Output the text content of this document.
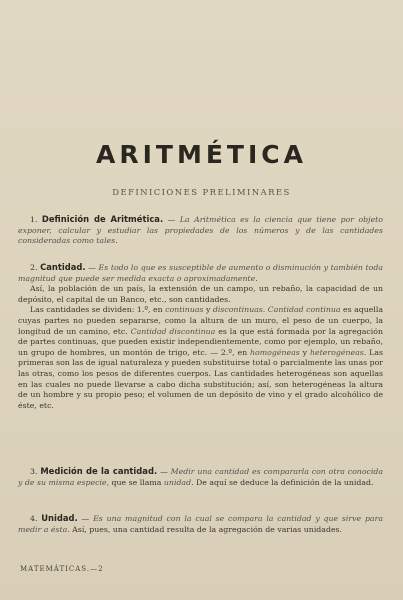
ARITMÉTICA

DEFINICIONES PRELIMINARES

1. Definición de Aritmética. — La Aritmética es la ciencia que tiene por objeto exponer, calcular y estudiar las propiedades de los números y de las cantidades consideradas como tales.

2. Cantidad. — Es todo lo que es susceptible de aumento o disminución y también toda magnitud que puede ser medida exacta o aproximadamente.

Así, la población de un país, la extensión de un campo, un rebaño, la capacidad de un depósito, el capital de un Banco, etc., son cantidades.

Las cantidades se dividen: 1.º, en continuas y discontinuas. Cantidad continua es aquella cuyas partes no pueden separarse, como la altura de un muro, el peso de un cuerpo, la longitud de un camino, etc. Cantidad discontinua es la que está formada por la agregación de partes continuas, que pueden existir independientemente, como por ejemplo, un rebaño, un grupo de hombres, un montón de trigo, etc. — 2.º, en homogéneas y heterogéneas. Las primeras son las de igual naturaleza y pueden substituirse total o parcialmente las unas por las otras, como los pesos de diferentes cuerpos. Las cantidades heterogéneas son aquellas en las cuales no puede llevarse a cabo dicha substitución; así, son heterogéneas la altura de un hombre y su propio peso; el volumen de un depósito de vino y el grado alcohólico de éste, etc.

3. Medición de la cantidad. — Medir una cantidad es compararla con otra conocida y de su misma especie, que se llama unidad. De aquí se deduce la definición de la unidad.

4. Unidad. — Es una magnitud con la cual se compara la cantidad y que sirve para medir a ésta. Así, pues, una cantidad resulta de la agregación de varias unidades.

MATEMÁTICAS.—2
